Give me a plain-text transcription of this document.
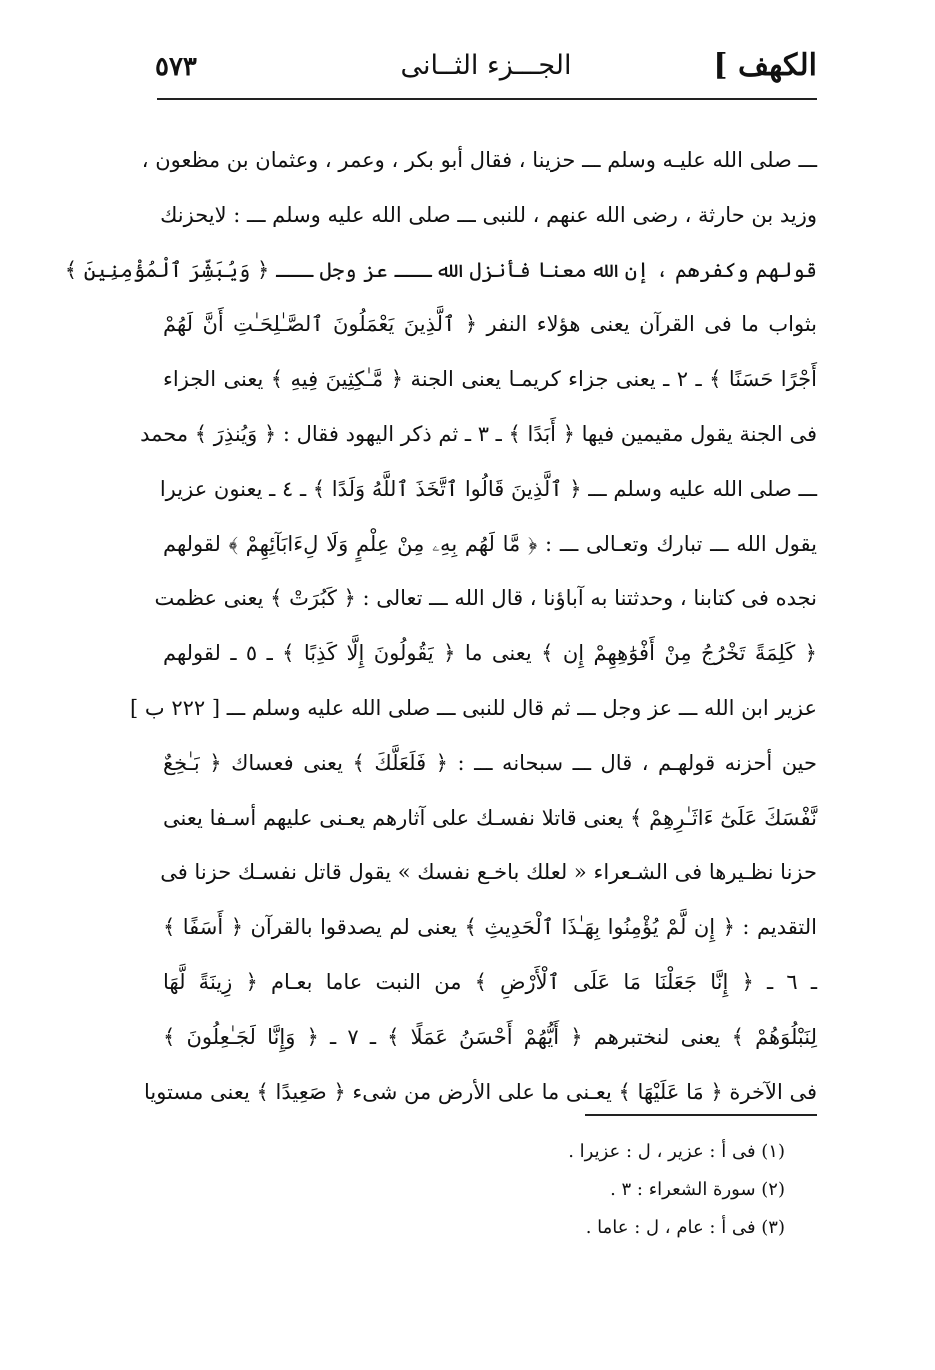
الكهف ]
الجـــزء الثــانى
٥٧٣
ـــ صلى الله عليـه وسلم ـــ حزينا ، فقال أبو بكر ، وعمر ، وعثمان بن مظعون ،
وزيد بن حارثة ، رضى الله عنهم ، للنبى ـــ صلى الله عليه وسلم ـــ : لايحزنك
قولهم وكفرهم ، إن الله معنا فأنزل الله ـــ عز وجل ـــ ﴿ وَيُبَشِّرَ ٱلْمُؤْمِنِينَ ﴾
بثواب ما فى القرآن يعنى هؤلاء النفر ﴿ ٱلَّذِينَ يَعْمَلُونَ ٱلصَّـٰلِحَـٰتِ أَنَّ لَهُمْ
أَجْرًا حَسَنًا ﴾ ـ ٢ ـ يعنى جزاء كريمـا يعنى الجنة ﴿ مَّـٰكِثِينَ فِيهِ ﴾ يعنى الجزاء
فى الجنة يقول مقيمين فيها ﴿ أَبَدًا ﴾ ـ ٣ ـ ثم ذكر اليهود فقال : ﴿ وَيُنذِرَ ﴾ محمد
ـــ صلى الله عليه وسلم ـــ ﴿ ٱلَّذِينَ قَالُوا ٱتَّخَذَ ٱللَّهُ وَلَدًا ﴾ ـ ٤ ـ يعنون عزيرا
يقول الله ـــ تبارك وتعـالى ـــ : ﴿ مَّا لَهُم بِهِۦ مِنْ عِلْمٍ وَلَا لِءَابَآئِهِمْ ﴾ لقولهم
نجده فى كتابنا ، وحدثتنا به آباؤنا ، قال الله ـــ تعالى : ﴿ كَبُرَتْ ﴾ يعنى عظمت
﴿ كَلِمَةً تَخْرُجُ مِنْ أَفْوَٰهِهِمْ إِن ﴾ يعنى ما ﴿ يَقُولُونَ إِلَّا كَذِبًا ﴾ ـ ٥ ـ لقولهم
عزير ابن الله ـــ عز وجل ـــ ثم قال للنبى ـــ صلى الله عليه وسلم ـــ [ ٢٢٢ ب ]
حين أحزنه قولهـم ، قال ـــ سبحانه ـــ : ﴿ فَلَعَلَّكَ ﴾ يعنى فعساك ﴿ بَـٰخِعٌ
نَّفْسَكَ عَلَىٰٓ ءَاثَـٰرِهِمْ ﴾ يعنى قاتلا نفسـك على آثارهم يعـنى عليهم أسـفا يعنى
حزنا نظـيرها فى الشـعراء « لعلك باخـع نفسك » يقول قاتل نفسـك حزنا فى
التقديم : ﴿ إِن لَّمْ يُؤْمِنُوا بِهَـٰذَا ٱلْحَدِيثِ ﴾ يعنى لم يصدقوا بالقرآن ﴿ أَسَفًا ﴾
ـ ٦ ـ ﴿ إِنَّا جَعَلْنَا مَا عَلَى ٱلْأَرْضِ ﴾ من النبت عاما بعـام ﴿ زِينَةً لَّهَا
لِنَبْلُوَهُمْ ﴾ يعنى لنختبرهم ﴿ أَيُّهُمْ أَحْسَنُ عَمَلًا ﴾ ـ ٧ ـ ﴿ وَإِنَّا لَجَـٰعِلُونَ ﴾
فى الآخرة ﴿ مَا عَلَيْهَا ﴾ يعـنى ما على الأرض من شىء ﴿ صَعِيدًا ﴾ يعنى مستويا
(١) فى أ : عزير ، ل : عزيرا .
(٢) سورة الشعراء : ٣ .
(٣) فى أ : عام ، ل : عاما .
